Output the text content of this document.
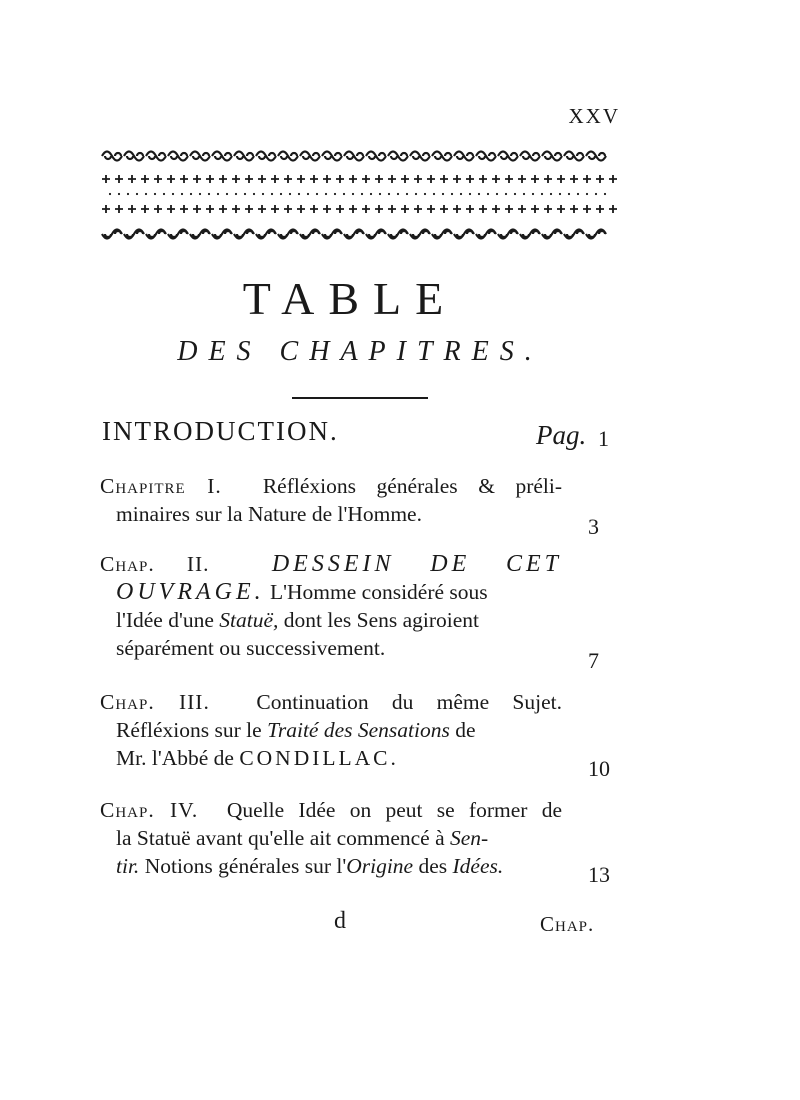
XXV
TABLE
DES CHAPITRES.
INTRODUCTION.	Pag. 1
Chapitre I. Réfléxions générales & préli-
minaires sur la Nature de l'Homme.	3
Chap. II.	DESSEIN DE CET
OUVRAGE. L'Homme considéré sous
l'Idée d'une Statuë, dont les Sens agiroient
séparément ou successivement.	7
Chap. III. Continuation du même Sujet.
Réfléxions sur le Traité des Sensations de
Mr. l'Abbé de CONDILLAC.	10
Chap. IV. Quelle Idée on peut se former de
la Statuë avant qu'elle ait commencé à Sen-
tir. Notions générales sur l'Origine des Idées.	13
d	Chap.
